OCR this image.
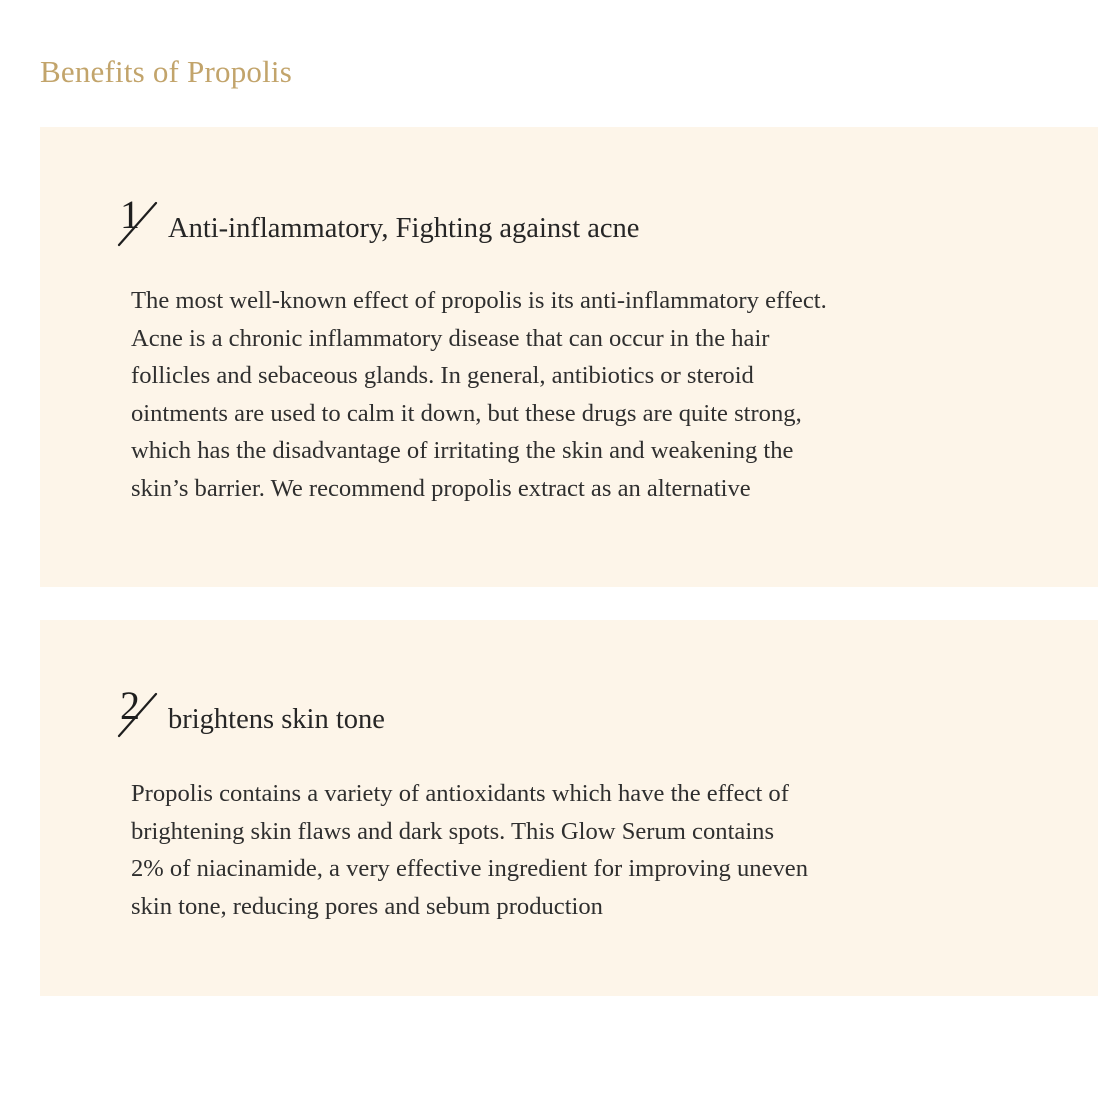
Benefits of Propolis
1 Anti-inflammatory, Fighting against acne

The most well-known effect of propolis is its anti-inflammatory effect.
Acne is a chronic inflammatory disease that can occur in the hair
follicles and sebaceous glands. In general, antibiotics or steroid
ointments are used to calm it down, but these drugs are quite strong,
which has the disadvantage of irritating the skin and weakening the
skin’s barrier. We recommend propolis extract as an alternative

2 brightens skin tone

Propolis contains a variety of antioxidants which have the effect of
brightening skin flaws and dark spots. This Glow Serum contains
2% of niacinamide, a very effective ingredient for improving uneven
skin tone, reducing pores and sebum production
